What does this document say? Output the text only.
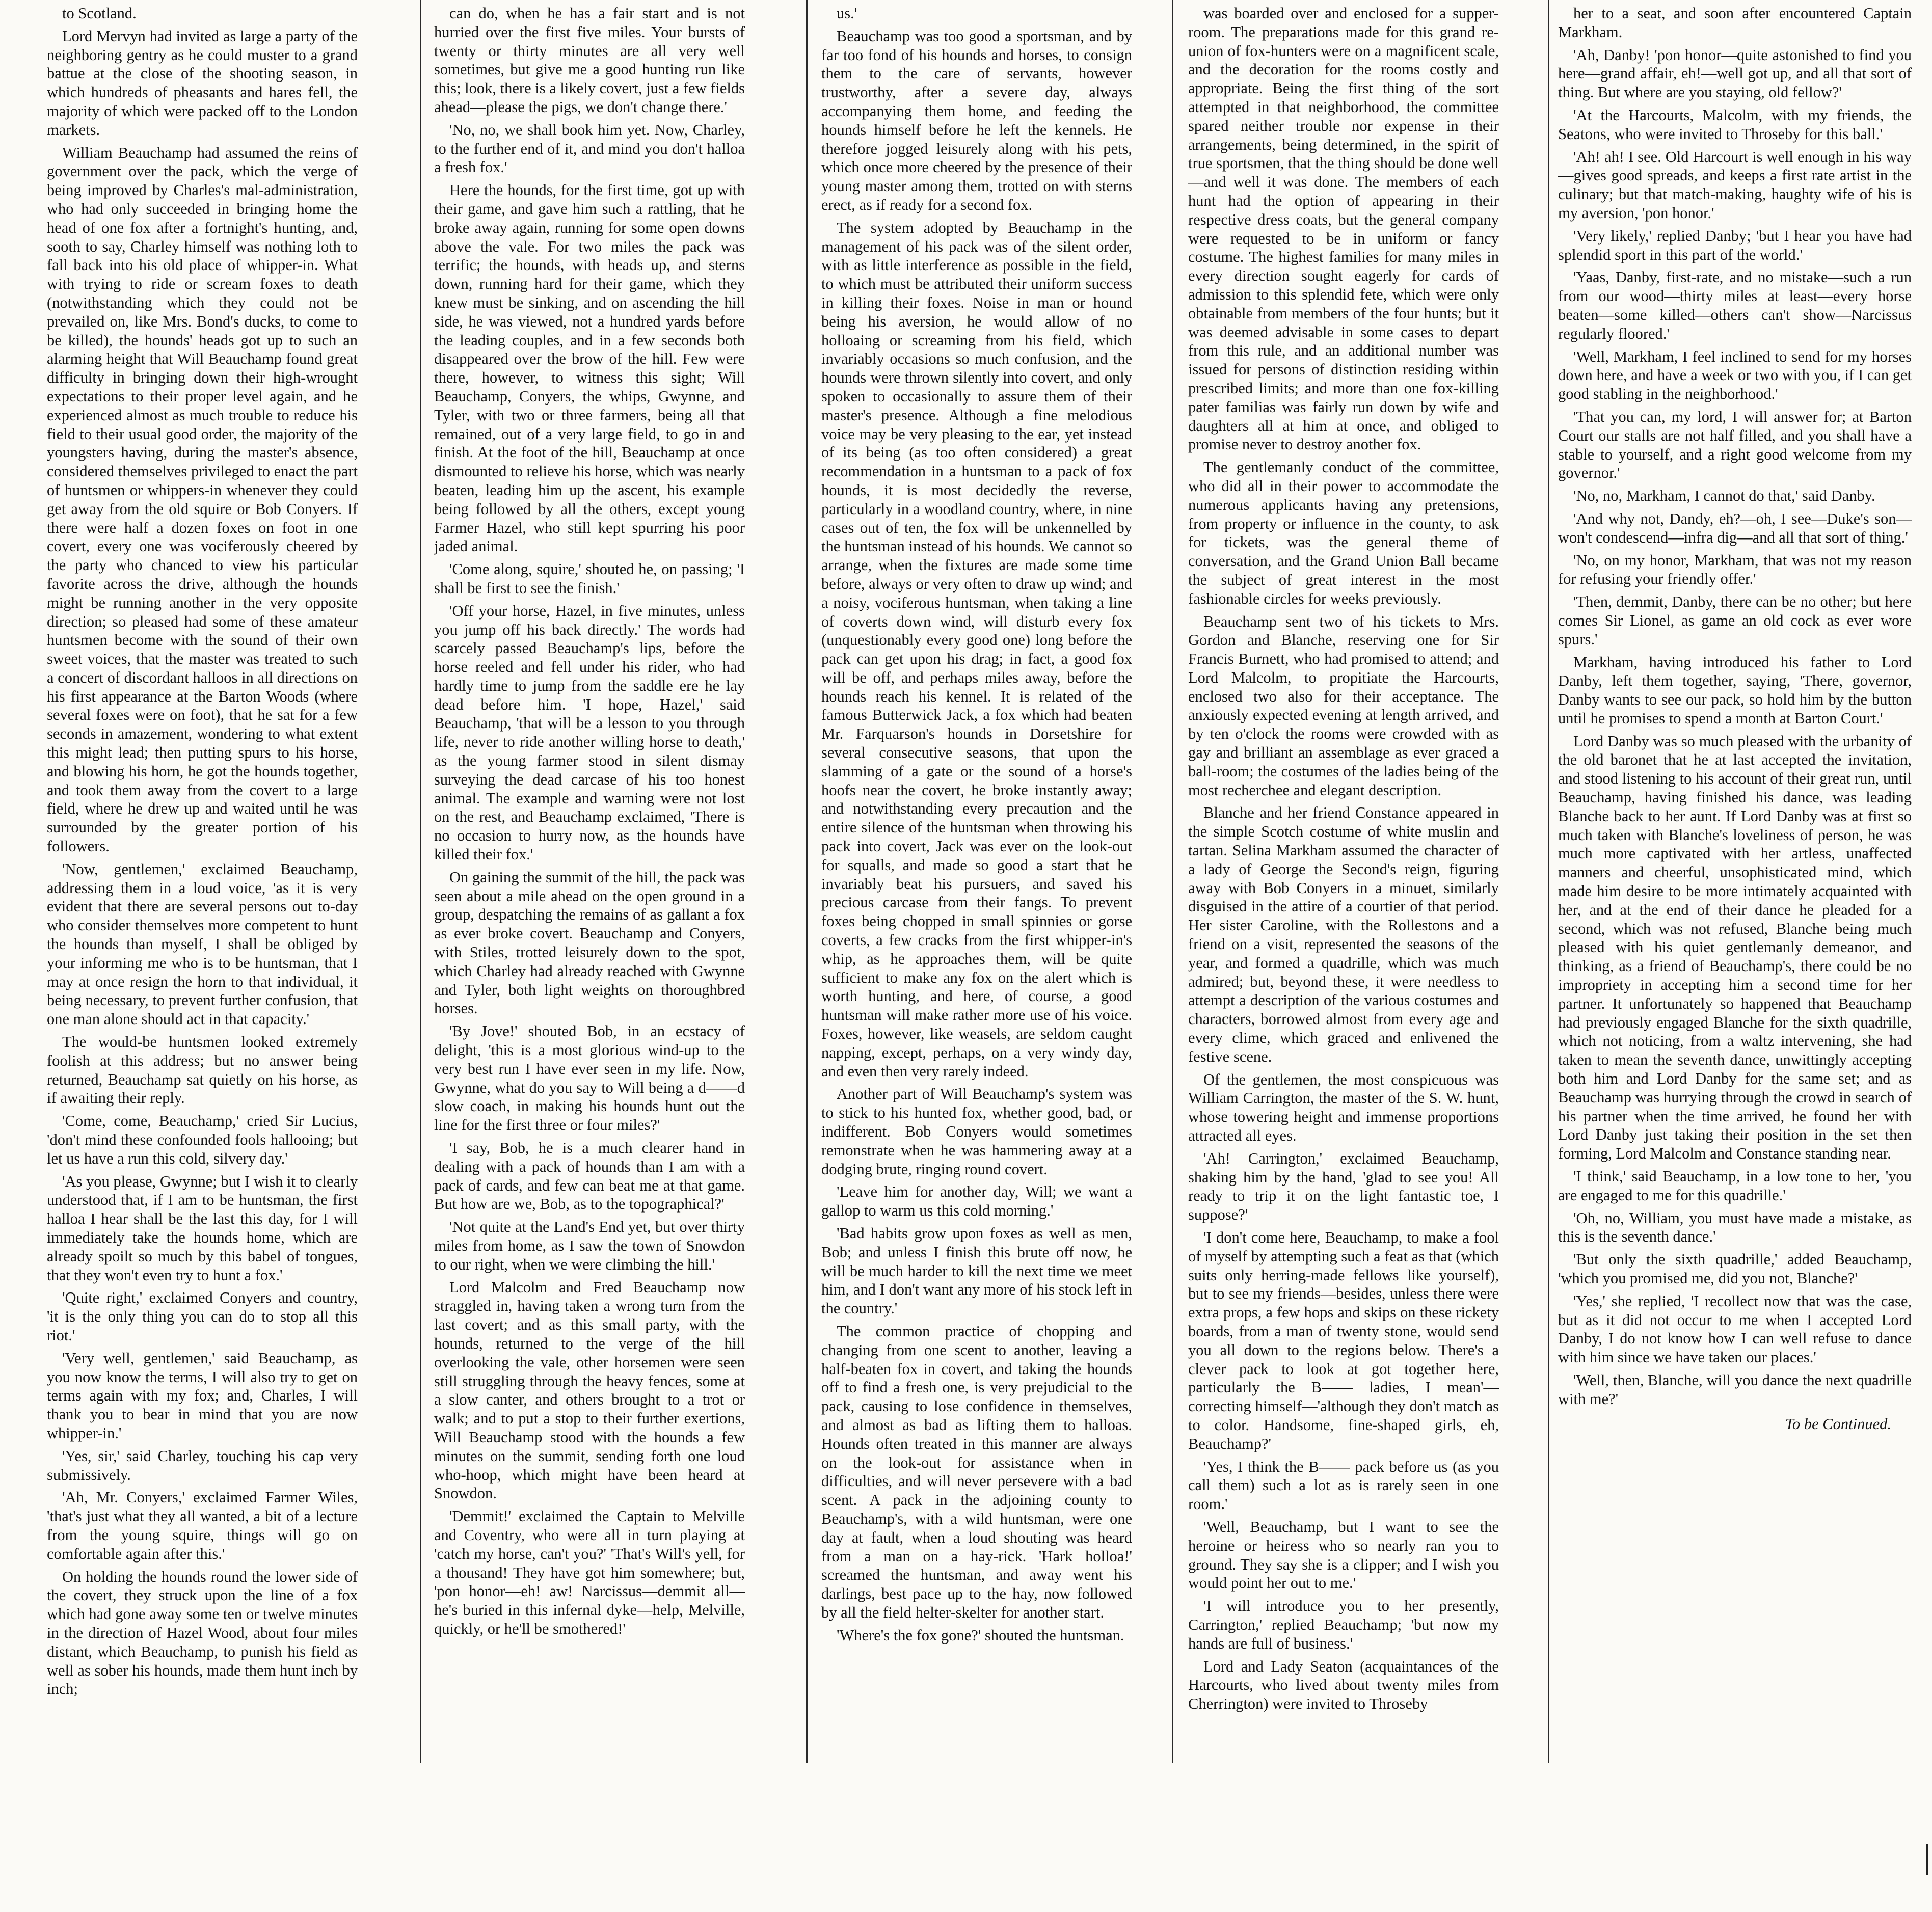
to Scotland.

Lord Mervyn had invited as large a party of the neighboring gentry as he could muster to a grand battue at the close of the shooting season, in which hundreds of pheasants and hares fell, the majority of which were packed off to the London markets.

William Beauchamp had assumed the reins of government over the pack, which the verge of being improved by Charles's mal-administration, who had only succeeded in bringing home the head of one fox after a fortnight's hunting, and, sooth to say, Charley himself was nothing loth to fall back into his old place of whipper-in. What with trying to ride or scream foxes to death (notwithstanding which they could not be prevailed on, like Mrs. Bond's ducks, to come to be killed), the hounds' heads got up to such an alarming height that Will Beauchamp found great difficulty in bringing down their high-wrought expectations to their proper level again, and he experienced almost as much trouble to reduce his field to their usual good order, the majority of the youngsters having, during the master's absence, considered themselves privileged to enact the part of huntsmen or whippers-in whenever they could get away from the old squire or Bob Conyers. If there were half a dozen foxes on foot in one covert, every one was vociferously cheered by the party who chanced to view his particular favorite across the drive, although the hounds might be running another in the very opposite direction; so pleased had some of these amateur huntsmen become with the sound of their own sweet voices, that the master was treated to such a concert of discordant halloos in all directions on his first appearance at the Barton Woods (where several foxes were on foot), that he sat for a few seconds in amazement, wondering to what extent this might lead; then putting spurs to his horse, and blowing his horn, he got the hounds together, and took them away from the covert to a large field, where he drew up and waited until he was surrounded by the greater portion of his followers.

'Now, gentlemen,' exclaimed Beauchamp, addressing them in a loud voice, 'as it is very evident that there are several persons out to-day who consider themselves more competent to hunt the hounds than myself, I shall be obliged by your informing me who is to be huntsman, that I may at once resign the horn to that individual, it being necessary, to prevent further confusion, that one man alone should act in that capacity.'

The would-be huntsmen looked extremely foolish at this address; but no answer being returned, Beauchamp sat quietly on his horse, as if awaiting their reply.

'Come, come, Beauchamp,' cried Sir Lucius, 'don't mind these confounded fools hallooing; but let us have a run this cold, silvery day.'

'As you please, Gwynne; but I wish it to clearly understood that, if I am to be huntsman, the first halloa I hear shall be the last this day, for I will immediately take the hounds home, which are already spoilt so much by this babel of tongues, that they won't even try to hunt a fox.'

'Quite right,' exclaimed Conyers and country, 'it is the only thing you can do to stop all this riot.'

'Very well, gentlemen,' said Beauchamp, as you now know the terms, I will also try to get on terms again with my fox; and, Charles, I will thank you to bear in mind that you are now whipper-in.'

'Yes, sir,' said Charley, touching his cap very submissively.

'Ah, Mr. Conyers,' exclaimed Farmer Wiles, 'that's just what they all wanted, a bit of a lecture from the young squire, things will go on comfortable again after this.'

On holding the hounds round the lower side of the covert, they struck upon the line of a fox which had gone away some ten or twelve minutes in the direction of Hazel Wood, about four miles distant, which Beauchamp, to punish his field as well as sober his hounds, made them hunt inch by inch;

can do, when he has a fair start and is not hurried over the first five miles. Your bursts of twenty or thirty minutes are all very well sometimes, but give me a good hunting run like this; look, there is a likely covert, just a few fields ahead—please the pigs, we don't change there.'

'No, no, we shall book him yet. Now, Charley, to the further end of it, and mind you don't halloa a fresh fox.'

Here the hounds, for the first time, got up with their game, and gave him such a rattling, that he broke away again, running for some open downs above the vale. For two miles the pack was terrific; the hounds, with heads up, and sterns down, running hard for their game, which they knew must be sinking, and on ascending the hill side, he was viewed, not a hundred yards before the leading couples, and in a few seconds both disappeared over the brow of the hill. Few were there, however, to witness this sight; Will Beauchamp, Conyers, the whips, Gwynne, and Tyler, with two or three farmers, being all that remained, out of a very large field, to go in and finish. At the foot of the hill, Beauchamp at once dismounted to relieve his horse, which was nearly beaten, leading him up the ascent, his example being followed by all the others, except young Farmer Hazel, who still kept spurring his poor jaded animal.

'Come along, squire,' shouted he, on passing; 'I shall be first to see the finish.'

'Off your horse, Hazel, in five minutes, unless you jump off his back directly.' The words had scarcely passed Beauchamp's lips, before the horse reeled and fell under his rider, who had hardly time to jump from the saddle ere he lay dead before him. 'I hope, Hazel,' said Beauchamp, 'that will be a lesson to you through life, never to ride another willing horse to death,' as the young farmer stood in silent dismay surveying the dead carcase of his too honest animal. The example and warning were not lost on the rest, and Beauchamp exclaimed, 'There is no occasion to hurry now, as the hounds have killed their fox.'

On gaining the summit of the hill, the pack was seen about a mile ahead on the open ground in a group, despatching the remains of as gallant a fox as ever broke covert. Beauchamp and Conyers, with Stiles, trotted leisurely down to the spot, which Charley had already reached with Gwynne and Tyler, both light weights on thoroughbred horses.

'By Jove!' shouted Bob, in an ecstacy of delight, 'this is a most glorious wind-up to the very best run I have ever seen in my life. Now, Gwynne, what do you say to Will being a d——d slow coach, in making his hounds hunt out the line for the first three or four miles?'

'I say, Bob, he is a much clearer hand in dealing with a pack of hounds than I am with a pack of cards, and few can beat me at that game. But how are we, Bob, as to the topographical?'

'Not quite at the Land's End yet, but over thirty miles from home, as I saw the town of Snowdon to our right, when we were climbing the hill.'

Lord Malcolm and Fred Beauchamp now straggled in, having taken a wrong turn from the last covert; and as this small party, with the hounds, returned to the verge of the hill overlooking the vale, other horsemen were seen still struggling through the heavy fences, some at a slow canter, and others brought to a trot or walk; and to put a stop to their further exertions, Will Beauchamp stood with the hounds a few minutes on the summit, sending forth one loud who-hoop, which might have been heard at Snowdon.

'Demmit!' exclaimed the Captain to Melville and Coventry, who were all in turn playing at 'catch my horse, can't you?' 'That's Will's yell, for a thousand! They have got him somewhere; but, 'pon honor—eh! aw! Narcissus—demmit all—he's buried in this infernal dyke—help, Melville, quickly, or he'll be smothered!'

us.'

Beauchamp was too good a sportsman, and by far too fond of his hounds and horses, to consign them to the care of servants, however trustworthy, after a severe day, always accompanying them home, and feeding the hounds himself before he left the kennels. He therefore jogged leisurely along with his pets, which once more cheered by the presence of their young master among them, trotted on with sterns erect, as if ready for a second fox.

The system adopted by Beauchamp in the management of his pack was of the silent order, with as little interference as possible in the field, to which must be attributed their uniform success in killing their foxes. Noise in man or hound being his aversion, he would allow of no holloaing or screaming from his field, which invariably occasions so much confusion, and the hounds were thrown silently into covert, and only spoken to occasionally to assure them of their master's presence. Although a fine melodious voice may be very pleasing to the ear, yet instead of its being (as too often considered) a great recommendation in a huntsman to a pack of fox hounds, it is most decidedly the reverse, particularly in a woodland country, where, in nine cases out of ten, the fox will be unkennelled by the huntsman instead of his hounds. We cannot so arrange, when the fixtures are made some time before, always or very often to draw up wind; and a noisy, vociferous huntsman, when taking a line of coverts down wind, will disturb every fox (unquestionably every good one) long before the pack can get upon his drag; in fact, a good fox will be off, and perhaps miles away, before the hounds reach his kennel. It is related of the famous Butterwick Jack, a fox which had beaten Mr. Farquarson's hounds in Dorsetshire for several consecutive seasons, that upon the slamming of a gate or the sound of a horse's hoofs near the covert, he broke instantly away; and notwithstanding every precaution and the entire silence of the huntsman when throwing his pack into covert, Jack was ever on the look-out for squalls, and made so good a start that he invariably beat his pursuers, and saved his precious carcase from their fangs. To prevent foxes being chopped in small spinnies or gorse coverts, a few cracks from the first whipper-in's whip, as he approaches them, will be quite sufficient to make any fox on the alert which is worth hunting, and here, of course, a good huntsman will make rather more use of his voice. Foxes, however, like weasels, are seldom caught napping, except, perhaps, on a very windy day, and even then very rarely indeed.

Another part of Will Beauchamp's system was to stick to his hunted fox, whether good, bad, or indifferent. Bob Conyers would sometimes remonstrate when he was hammering away at a dodging brute, ringing round covert.

'Leave him for another day, Will; we want a gallop to warm us this cold morning.'

'Bad habits grow upon foxes as well as men, Bob; and unless I finish this brute off now, he will be much harder to kill the next time we meet him, and I don't want any more of his stock left in the country.'

The common practice of chopping and changing from one scent to another, leaving a half-beaten fox in covert, and taking the hounds off to find a fresh one, is very prejudicial to the pack, causing to lose confidence in themselves, and almost as bad as lifting them to halloas. Hounds often treated in this manner are always on the look-out for assistance when in difficulties, and will never persevere with a bad scent. A pack in the adjoining county to Beauchamp's, with a wild huntsman, were one day at fault, when a loud shouting was heard from a man on a hay-rick. 'Hark holloa!' screamed the huntsman, and away went his darlings, best pace up to the hay, now followed by all the field helter-skelter for another start.

'Where's the fox gone?' shouted the huntsman.

was boarded over and enclosed for a supper-room. The preparations made for this grand re-union of fox-hunters were on a magnificent scale, and the decoration for the rooms costly and appropriate. Being the first thing of the sort attempted in that neighborhood, the committee spared neither trouble nor expense in their arrangements, being determined, in the spirit of true sportsmen, that the thing should be done well—and well it was done. The members of each hunt had the option of appearing in their respective dress coats, but the general company were requested to be in uniform or fancy costume. The highest families for many miles in every direction sought eagerly for cards of admission to this splendid fete, which were only obtainable from members of the four hunts; but it was deemed advisable in some cases to depart from this rule, and an additional number was issued for persons of distinction residing within prescribed limits; and more than one fox-killing pater familias was fairly run down by wife and daughters all at him at once, and obliged to promise never to destroy another fox.

The gentlemanly conduct of the committee, who did all in their power to accommodate the numerous applicants having any pretensions, from property or influence in the county, to ask for tickets, was the general theme of conversation, and the Grand Union Ball became the subject of great interest in the most fashionable circles for weeks previously.

Beauchamp sent two of his tickets to Mrs. Gordon and Blanche, reserving one for Sir Francis Burnett, who had promised to attend; and Lord Malcolm, to propitiate the Harcourts, enclosed two also for their acceptance. The anxiously expected evening at length arrived, and by ten o'clock the rooms were crowded with as gay and brilliant an assemblage as ever graced a ball-room; the costumes of the ladies being of the most recherchee and elegant description.

Blanche and her friend Constance appeared in the simple Scotch costume of white muslin and tartan. Selina Markham assumed the character of a lady of George the Second's reign, figuring away with Bob Conyers in a minuet, similarly disguised in the attire of a courtier of that period. Her sister Caroline, with the Rollestons and a friend on a visit, represented the seasons of the year, and formed a quadrille, which was much admired; but, beyond these, it were needless to attempt a description of the various costumes and characters, borrowed almost from every age and every clime, which graced and enlivened the festive scene.

Of the gentlemen, the most conspicuous was William Carrington, the master of the S. W. hunt, whose towering height and immense proportions attracted all eyes.

'Ah! Carrington,' exclaimed Beauchamp, shaking him by the hand, 'glad to see you! All ready to trip it on the light fantastic toe, I suppose?'

'I don't come here, Beauchamp, to make a fool of myself by attempting such a feat as that (which suits only herring-made fellows like yourself), but to see my friends—besides, unless there were extra props, a few hops and skips on these rickety boards, from a man of twenty stone, would send you all down to the regions below. There's a clever pack to look at got together here, particularly the B—— ladies, I mean'—correcting himself—'although they don't match as to color. Handsome, fine-shaped girls, eh, Beauchamp?'

'Yes, I think the B—— pack before us (as you call them) such a lot as is rarely seen in one room.'

'Well, Beauchamp, but I want to see the heroine or heiress who so nearly ran you to ground. They say she is a clipper; and I wish you would point her out to me.'

'I will introduce you to her presently, Carrington,' replied Beauchamp; 'but now my hands are full of business.'

Lord and Lady Seaton (acquaintances of the Harcourts, who lived about twenty miles from Cherrington) were invited to Throseby

her to a seat, and soon after encountered Captain Markham.

'Ah, Danby! 'pon honor—quite astonished to find you here—grand affair, eh!—well got up, and all that sort of thing. But where are you staying, old fellow?'

'At the Harcourts, Malcolm, with my friends, the Seatons, who were invited to Throseby for this ball.'

'Ah! ah! I see. Old Harcourt is well enough in his way—gives good spreads, and keeps a first rate artist in the culinary; but that match-making, haughty wife of his is my aversion, 'pon honor.'

'Very likely,' replied Danby; 'but I hear you have had splendid sport in this part of the world.'

'Yaas, Danby, first-rate, and no mistake—such a run from our wood—thirty miles at least—every horse beaten—some killed—others can't show—Narcissus regularly floored.'

'Well, Markham, I feel inclined to send for my horses down here, and have a week or two with you, if I can get good stabling in the neighborhood.'

'That you can, my lord, I will answer for; at Barton Court our stalls are not half filled, and you shall have a stable to yourself, and a right good welcome from my governor.'

'No, no, Markham, I cannot do that,' said Danby.

'And why not, Dandy, eh?—oh, I see—Duke's son—won't condescend—infra dig—and all that sort of thing.'

'No, on my honor, Markham, that was not my reason for refusing your friendly offer.'

'Then, demmit, Danby, there can be no other; but here comes Sir Lionel, as game an old cock as ever wore spurs.'

Markham, having introduced his father to Lord Danby, left them together, saying, 'There, governor, Danby wants to see our pack, so hold him by the button until he promises to spend a month at Barton Court.'

Lord Danby was so much pleased with the urbanity of the old baronet that he at last accepted the invitation, and stood listening to his account of their great run, until Beauchamp, having finished his dance, was leading Blanche back to her aunt. If Lord Danby was at first so much taken with Blanche's loveliness of person, he was much more captivated with her artless, unaffected manners and cheerful, unsophisticated mind, which made him desire to be more intimately acquainted with her, and at the end of their dance he pleaded for a second, which was not refused, Blanche being much pleased with his quiet gentlemanly demeanor, and thinking, as a friend of Beauchamp's, there could be no impropriety in accepting him a second time for her partner. It unfortunately so happened that Beauchamp had previously engaged Blanche for the sixth quadrille, which not noticing, from a waltz intervening, she had taken to mean the seventh dance, unwittingly accepting both him and Lord Danby for the same set; and as Beauchamp was hurrying through the crowd in search of his partner when the time arrived, he found her with Lord Danby just taking their position in the set then forming, Lord Malcolm and Constance standing near.

'I think,' said Beauchamp, in a low tone to her, 'you are engaged to me for this quadrille.'

'Oh, no, William, you must have made a mistake, as this is the seventh dance.'

'But only the sixth quadrille,' added Beauchamp, 'which you promised me, did you not, Blanche?'

'Yes,' she replied, 'I recollect now that was the case, but as it did not occur to me when I accepted Lord Danby, I do not know how I can well refuse to dance with him since we have taken our places.'

'Well, then, Blanche, will you dance the next quadrille with me?'

To be Continued.
